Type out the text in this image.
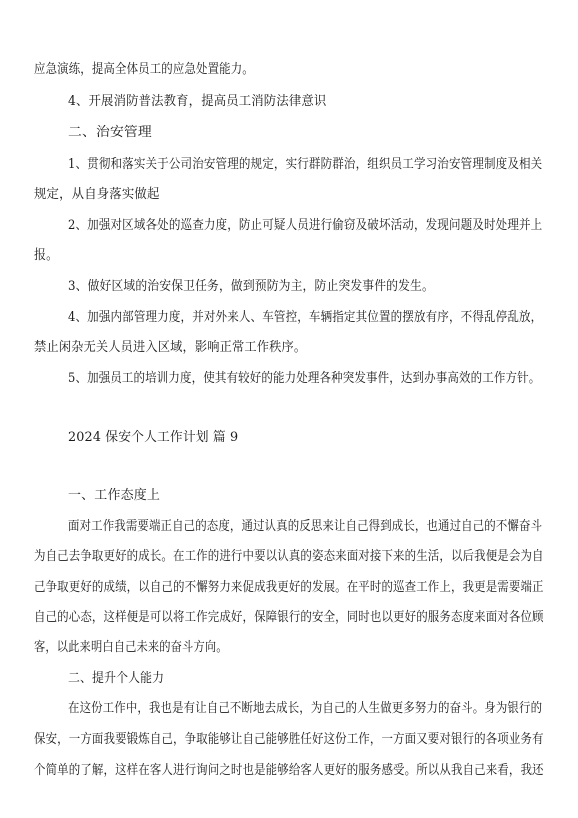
应急演练，提高全体员工的应急处置能力。
4、开展消防普法教育，提高员工消防法律意识
二、治安管理
1、贯彻和落实关于公司治安管理的规定，实行群防群治，组织员工学习治安管理制度及相关
规定，从自身落实做起
2、加强对区域各处的巡查力度，防止可疑人员进行偷窃及破坏活动，发现问题及时处理并上
报。
3、做好区域的治安保卫任务，做到预防为主，防止突发事件的发生。
4、加强内部管理力度，并对外来人、车管控，车辆指定其位置的摆放有序，不得乱停乱放，
禁止闲杂无关人员进入区域，影响正常工作秩序。
5、加强员工的培训力度，使其有较好的能力处理各种突发事件，达到办事高效的工作方针。
2024 保安个人工作计划 篇 9
一、工作态度上
面对工作我需要端正自己的态度，通过认真的反思来让自己得到成长，也通过自己的不懈奋斗
为自己去争取更好的成长。在工作的进行中要以认真的姿态来面对接下来的生活，以后我便是会为自
己争取更好的成绩，以自己的不懈努力来促成我更好的发展。在平时的巡查工作上，我更是需要端正
自己的心态，这样便是可以将工作完成好，保障银行的安全，同时也以更好的服务态度来面对各位顾
客，以此来明白自己未来的奋斗方向。
二、提升个人能力
在这份工作中，我也是有让自己不断地去成长，为自己的人生做更多努力的奋斗。身为银行的
保安，一方面我要锻炼自己，争取能够让自己能够胜任好这份工作，一方面又要对银行的各项业务有
个简单的了解，这样在客人进行询问之时也是能够给客人更好的服务感受。所以从我自己来看，我还
